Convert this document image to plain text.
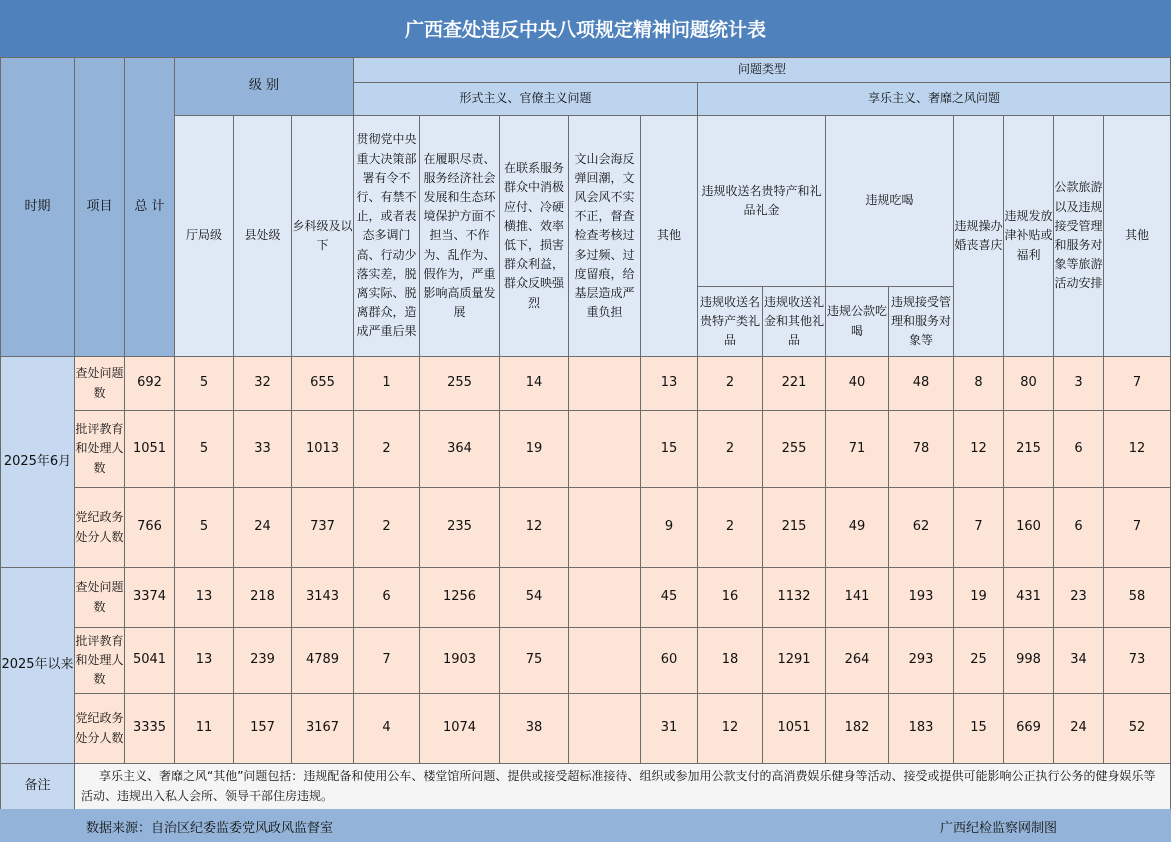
广西查处违反中央八项规定精神问题统计表
时期	项目	总 计	级 别			问题类型												
						形式主义、官僚主义问题					享乐主义、奢靡之风问题							
			厅局级	县处级	乡科级及以下	贯彻党中央重大决策部署有令不行、有禁不止，或者表态多调门高、行动少落实差，脱离实际、脱离群众，造成严重后果	在履职尽责、服务经济社会发展和生态环境保护方面不担当、不作为、乱作为、假作为，严重影响高质量发展	在联系服务群众中消极应付、冷硬横推、效率低下，损害群众利益，群众反映强烈	文山会海反弹回潮，文风会风不实不正，督查检查考核过多过频、过度留痕，给基层造成严重负担	其他	违规收送名贵特产和礼品礼金		违规吃喝		违规操办婚丧喜庆	违规发放津补贴或福利	公款旅游以及违规接受管理和服务对象等旅游活动安排	其他

											违规收送名贵特产类礼品	违规收送礼金和其他礼品	违规公款吃喝	违规接受管理和服务对象等				
2025年6月	查处问题数	692	5	32	655	1	255	14		13	2	221	40	48	8	80	3	7
	批评教育和处理人数	1051	5	33	1013	2	364	19		15	2	255	71	78	12	215	6	12
	党纪政务处分人数	766	5	24	737	2	235	12		9	2	215	49	62	7	160	6	7
2025年以来	查处问题数	3374	13	218	3143	6	1256	54		45	16	1132	141	193	19	431	23	58
	批评教育和处理人数	5041	13	239	4789	7	1903	75		60	18	1291	264	293	25	998	34	73
	党纪政务处分人数	3335	11	157	3167	4	1074	38		31	12	1051	182	183	15	669	24	52
备注	享乐主义、奢靡之风“其他”问题包括：违规配备和使用公车、楼堂馆所问题、提供或接受超标准接待、组织或参加用公款支付的高消费娱乐健身等活动、接受或提供可能影响公正执行公务的健身娱乐等活动、违规出入私人会所、领导干部住房违规。																	
数据来源：自治区纪委监委党风政风监督室	广西纪检监察网制图
